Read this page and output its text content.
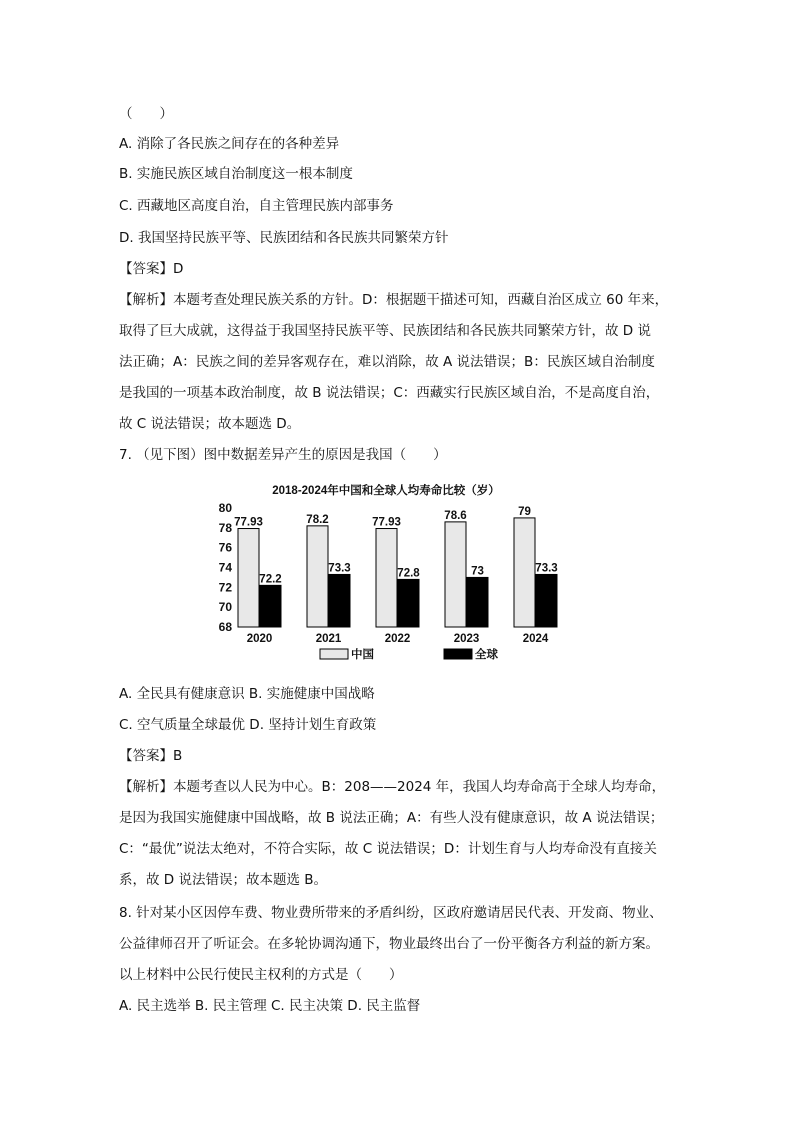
（　　）
A. 消除了各民族之间存在的各种差异
B. 实施民族区域自治制度这一根本制度
C. 西藏地区高度自治，自主管理民族内部事务
D. 我国坚持民族平等、民族团结和各民族共同繁荣方针
【答案】D
【解析】本题考查处理民族关系的方针。D：根据题干描述可知，西藏自治区成立 60 年来，
取得了巨大成就，这得益于我国坚持民族平等、民族团结和各民族共同繁荣方针，故 D 说
法正确；A：民族之间的差异客观存在，难以消除，故 A 说法错误；B：民族区域自治制度
是我国的一项基本政治制度，故 B 说法错误；C：西藏实行民族区域自治，不是高度自治，
故 C 说法错误；故本题选 D。
7. （见下图）图中数据差异产生的原因是我国（　　）
2018-2024年中国和全球人均寿命比较（岁）
80
78
76
74
72
70
68
77.93
72.2
2020
78.2
73.3
2021
77.93
72.8
2022
78.6
73
2023
79
73.3
2024
中国	全球
A. 全民具有健康意识 B. 实施健康中国战略
C. 空气质量全球最优 D. 坚持计划生育政策
【答案】B
【解析】本题考查以人民为中心。B：208——2024 年，我国人均寿命高于全球人均寿命，
是因为我国实施健康中国战略，故 B 说法正确；A：有些人没有健康意识，故 A 说法错误；
C：“最优”说法太绝对，不符合实际，故 C 说法错误；D：计划生育与人均寿命没有直接关
系，故 D 说法错误；故本题选 B。
8. 针对某小区因停车费、物业费所带来的矛盾纠纷，区政府邀请居民代表、开发商、物业、
公益律师召开了听证会。在多轮协调沟通下，物业最终出台了一份平衡各方利益的新方案。
以上材料中公民行使民主权利的方式是（　　）
A. 民主选举 B. 民主管理 C. 民主决策 D. 民主监督
